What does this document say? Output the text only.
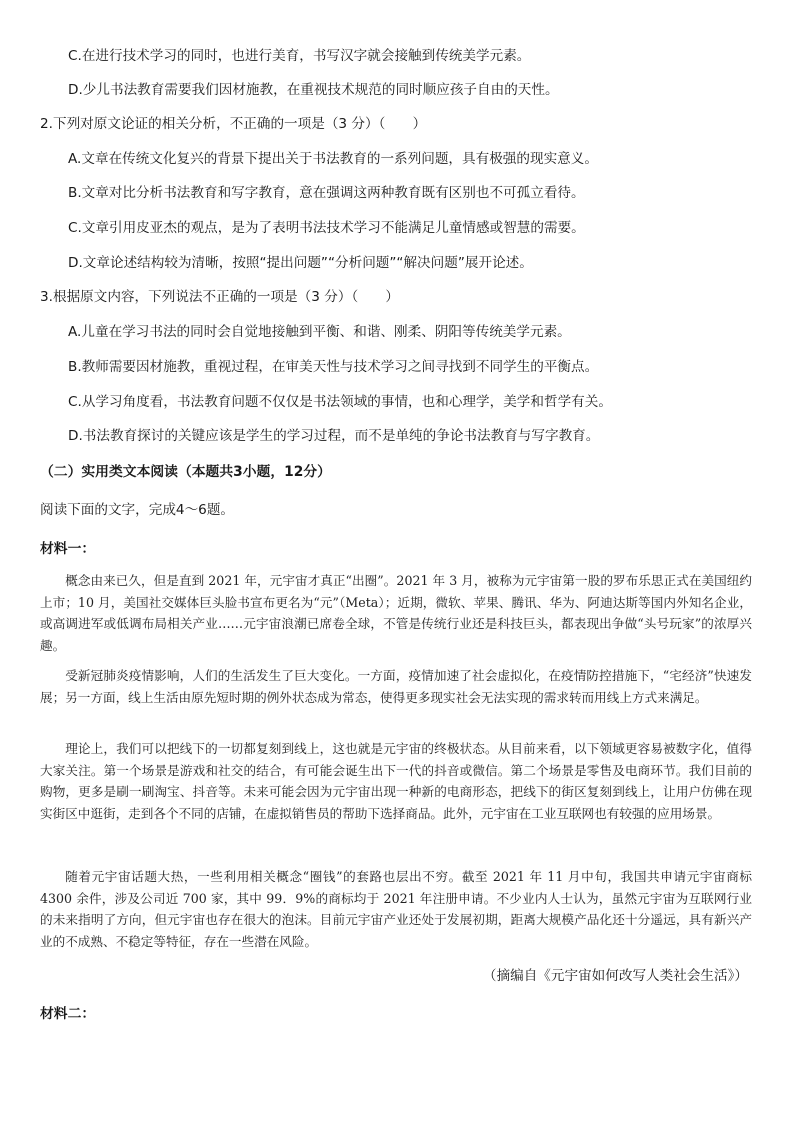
C.在进行技术学习的同时，也进行美育，书写汉字就会接触到传统美学元素。
D.少儿书法教育需要我们因材施教，在重视技术规范的同时顺应孩子自由的天性。
2.下列对原文论证的相关分析，不正确的一项是（3 分）（　　）
A.文章在传统文化复兴的背景下提出关于书法教育的一系列问题，具有极强的现实意义。
B.文章对比分析书法教育和写字教育，意在强调这两种教育既有区别也不可孤立看待。
C.文章引用皮亚杰的观点，是为了表明书法技术学习不能满足儿童情感或智慧的需要。
D.文章论述结构较为清晰，按照“提出问题”“分析问题”“解决问题”展开论述。
3.根据原文内容，下列说法不正确的一项是（3 分）（　　）
A.儿童在学习书法的同时会自觉地接触到平衡、和谐、刚柔、阴阳等传统美学元素。
B.教师需要因材施教，重视过程，在审美天性与技术学习之间寻找到不同学生的平衡点。
C.从学习角度看，书法教育问题不仅仅是书法领域的事情，也和心理学，美学和哲学有关。
D.书法教育探讨的关键应该是学生的学习过程，而不是单纯的争论书法教育与写字教育。
（二）实用类文本阅读（本题共3小题，12分）
阅读下面的文字，完成4～6题。
材料一：
概念由来已久，但是直到 2021 年，元宇宙才真正“出圈”。2021 年 3 月，被称为元宇宙第一股的罗布乐思正式在美国纽约上市；10 月，美国社交媒体巨头脸书宣布更名为“元”（Meta）；近期，微软、苹果、腾讯、华为、阿迪达斯等国内外知名企业，或高调进军或低调布局相关产业……元宇宙浪潮已席卷全球，不管是传统行业还是科技巨头，都表现出争做“头号玩家”的浓厚兴趣。
受新冠肺炎疫情影响，人们的生活发生了巨大变化。一方面，疫情加速了社会虚拟化，在疫情防控措施下，“宅经济”快速发展；另一方面，线上生活由原先短时期的例外状态成为常态，使得更多现实社会无法实现的需求转而用线上方式来满足。
理论上，我们可以把线下的一切都复刻到线上，这也就是元宇宙的终极状态。从目前来看，以下领域更容易被数字化，值得大家关注。第一个场景是游戏和社交的结合，有可能会诞生出下一代的抖音或微信。第二个场景是零售及电商环节。我们目前的购物，更多是刷一刷淘宝、抖音等。未来可能会因为元宇宙出现一种新的电商形态，把线下的街区复刻到线上，让用户仿佛在现实街区中逛街，走到各个不同的店铺，在虚拟销售员的帮助下选择商品。此外，元宇宙在工业互联网也有较强的应用场景。
随着元宇宙话题大热，一些利用相关概念“圈钱”的套路也层出不穷。截至 2021 年 11 月中旬，我国共申请元宇宙商标4300 余件，涉及公司近 700 家，其中 99．9%的商标均于 2021 年注册申请。不少业内人士认为，虽然元宇宙为互联网行业的未来指明了方向，但元宇宙也存在很大的泡沫。目前元宇宙产业还处于发展初期，距离大规模产品化还十分遥远，具有新兴产业的不成熟、不稳定等特征，存在一些潜在风险。
（摘编自《元宇宙如何改写人类社会生活》）
材料二：
